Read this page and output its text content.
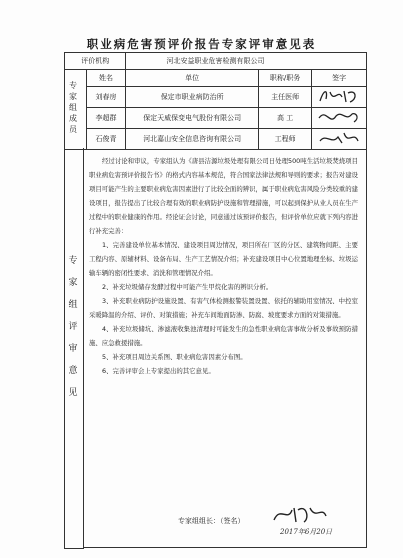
职业病危害预评价报告专家评审意见表
评价机构		河北安益职业危害检测有限公司		
	姓名	单位	职称/职务	签字
	刘春房	保定市职业病防治所	主任医师	
	李超群	保定天威保变电气股份有限公司	高 工	
	石俊青	河北嘉山安全信息咨询有限公司	工程师	
专家组成员
专家组评审意见

经过讨论和审议，专家组认为《唐县洁源垃圾处理有限公司日处理500吨生活垃圾焚烧项目职业病危害预评价报告书》的格式内容基本规范，符合国家法律法规和导则的要求；报告对建设项目可能产生的主要职业病危害因素进行了比较全面的辨识，属于职业病危害风险分类较重的建设项目，报告提出了比较合理有效的职业病防护设施和管理措施，可以起到保护从业人员在生产过程中的职业健康的作用。经论证会讨论，同意通过该预评价报告，但评价单位应就下列内容进行补充完善：

1、完善建设单位基本情况、建设项目周边情况，项目所在厂区的分区、建筑物间距、主要工程内容、原辅材料、设备布局、生产工艺情况介绍；补充建设项目中心位置地理坐标、垃圾运输车辆的密闭性要求、消洗和管理情况介绍。

2、补充垃圾储存发酵过程中可能产生甲烷化害的辨识分析。

3、补充职业病防护设施设置、有害气体检测报警装置设置、依托的辅助用室情况、中控室采暖降温的介绍、评价、对策措施；补充车间地面防渗、防腐、坡度要求方面的对策措施。

4、补充垃圾储坑、渗滤液收集池清理时可能发生的急性职业病危害事故分析及事故预防措施、应急救援措施。

5、补充项目周边关系图、职业病危害因素分布图。

6、完善评审会上专家提出的其它意见。

专家组组长：（签名）
2017年6月20日
